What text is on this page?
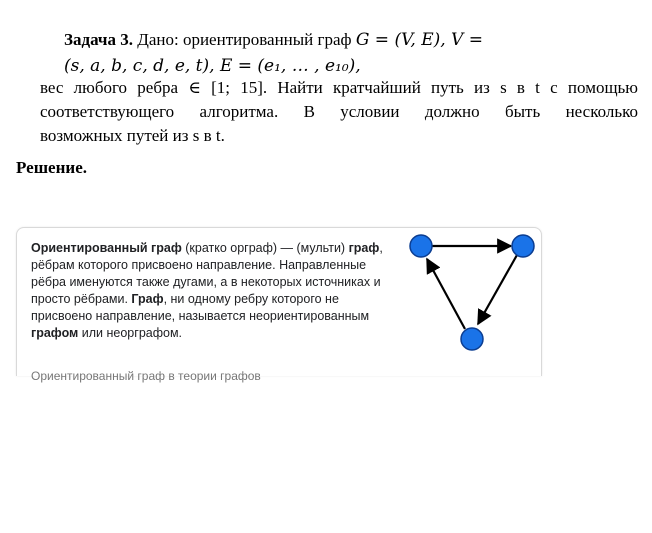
Задача 3. Дано: ориентированный граф G = (V, E), V =
(s, a, b, c, d, e, t), E = (e₁, … , e₁₀),
вес любого ребра ∈ [1; 15]. Найти кратчайший путь из s в t с помощью
соответствующего алгоритма. В условии должно быть несколько
возможных путей из s в t.
Решение.
Ориентированный граф (кратко орграф) — (мульти) граф, рёбрам которого присвоено направление. Направленные рёбра именуются также дугами, а в некоторых источниках и просто рёбрами. Граф, ни одному ребру которого не присвоено направление, называется неориентированным графом или неорграфом.
Ориентированный граф в теории графов
